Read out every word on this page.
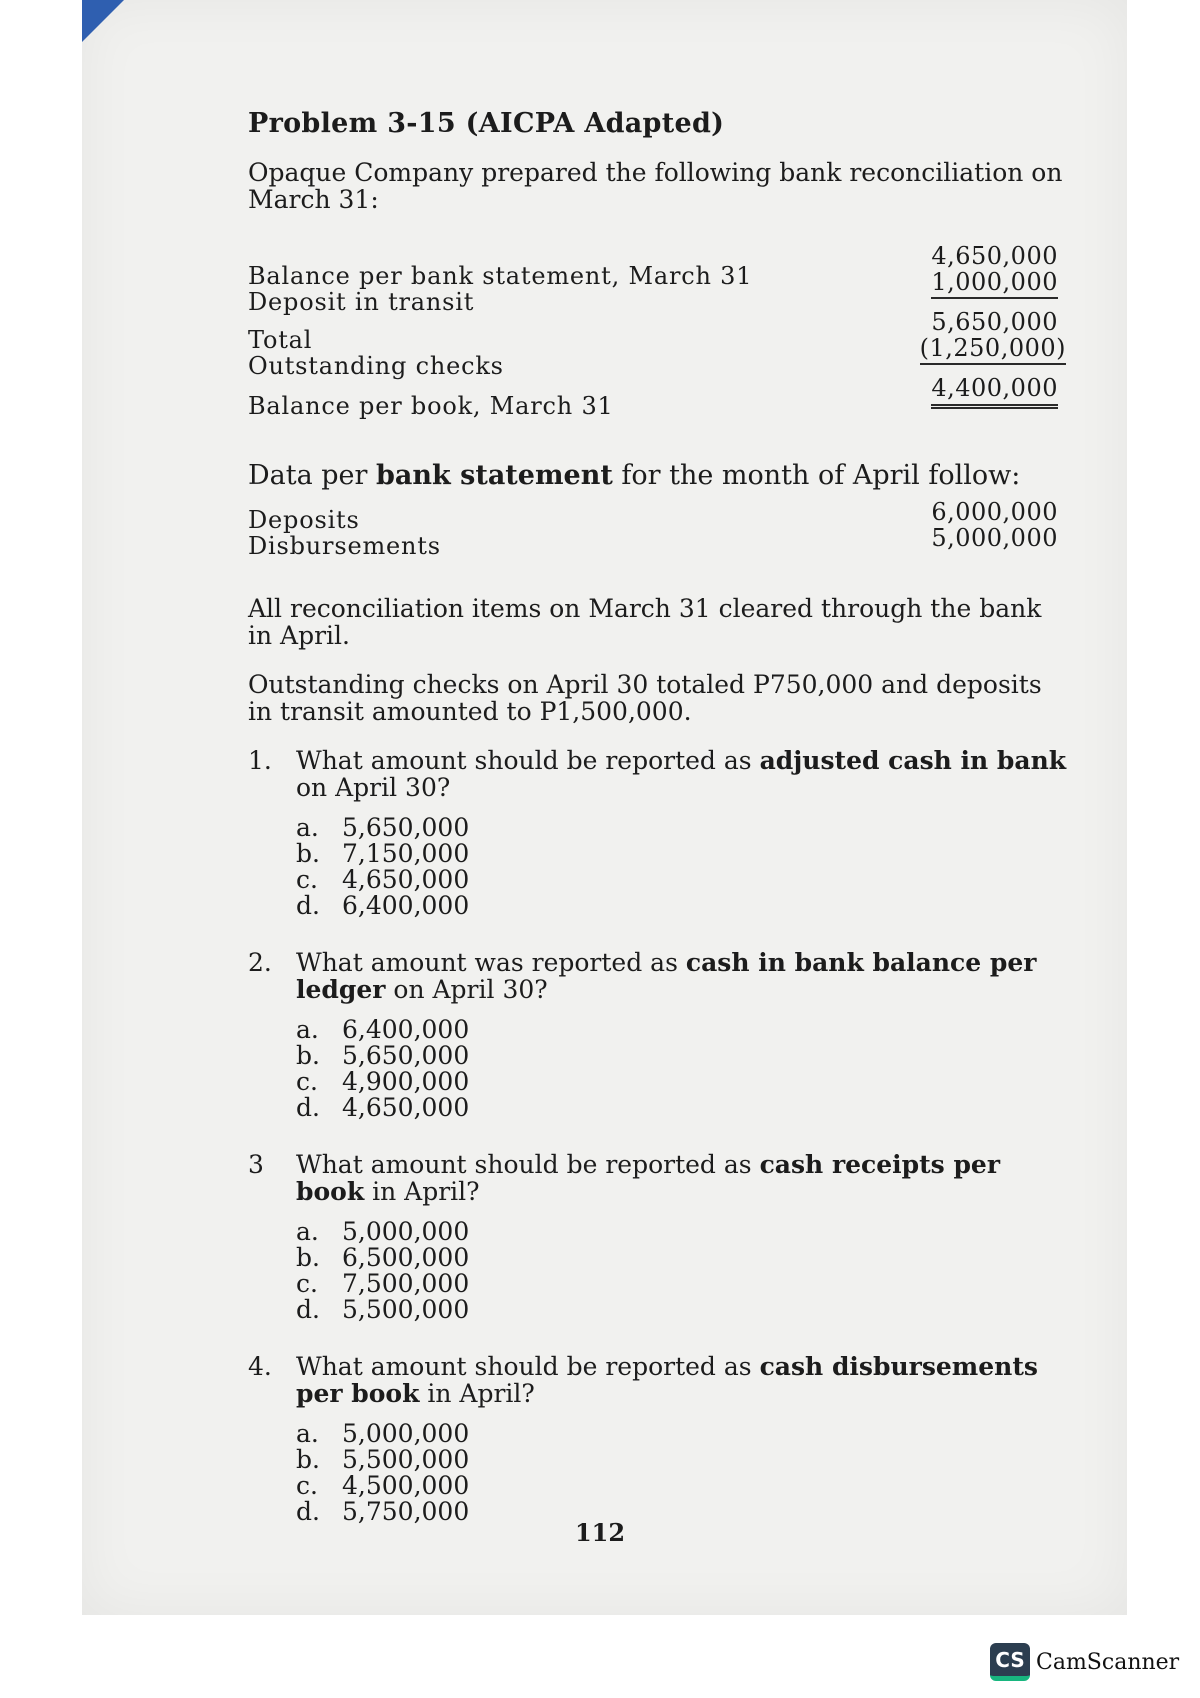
Problem 3-15 (AICPA Adapted)

Opaque Company prepared the following bank reconciliation on March 31:

Balance per bank statement, March 31
4,650,000
Deposit in transit
1,000,000
Total
5,650,000
Outstanding checks
(1,250,000)
Balance per book, March 31
4,400,000

Data per bank statement for the month of April follow:

Deposits	6,000,000
Disbursements	5,000,000

All reconciliation items on March 31 cleared through the bank in April.

Outstanding checks on April 30 totaled P750,000 and deposits in transit amounted to P1,500,000.

1. What amount should be reported as adjusted cash in bank on April 30?
a. 5,650,000
b. 7,150,000
c. 4,650,000
d. 6,400,000
2. What amount was reported as cash in bank balance per ledger on April 30?
a. 6,400,000
b. 5,650,000
c. 4,900,000
d. 4,650,000
3 What amount should be reported as cash receipts per book in April?
a. 5,000,000
b. 6,500,000
c. 7,500,000
d. 5,500,000
4. What amount should be reported as cash disbursements per book in April?
a. 5,000,000
b. 5,500,000
c. 4,500,000
d. 5,750,000
112
CS CamScanner
